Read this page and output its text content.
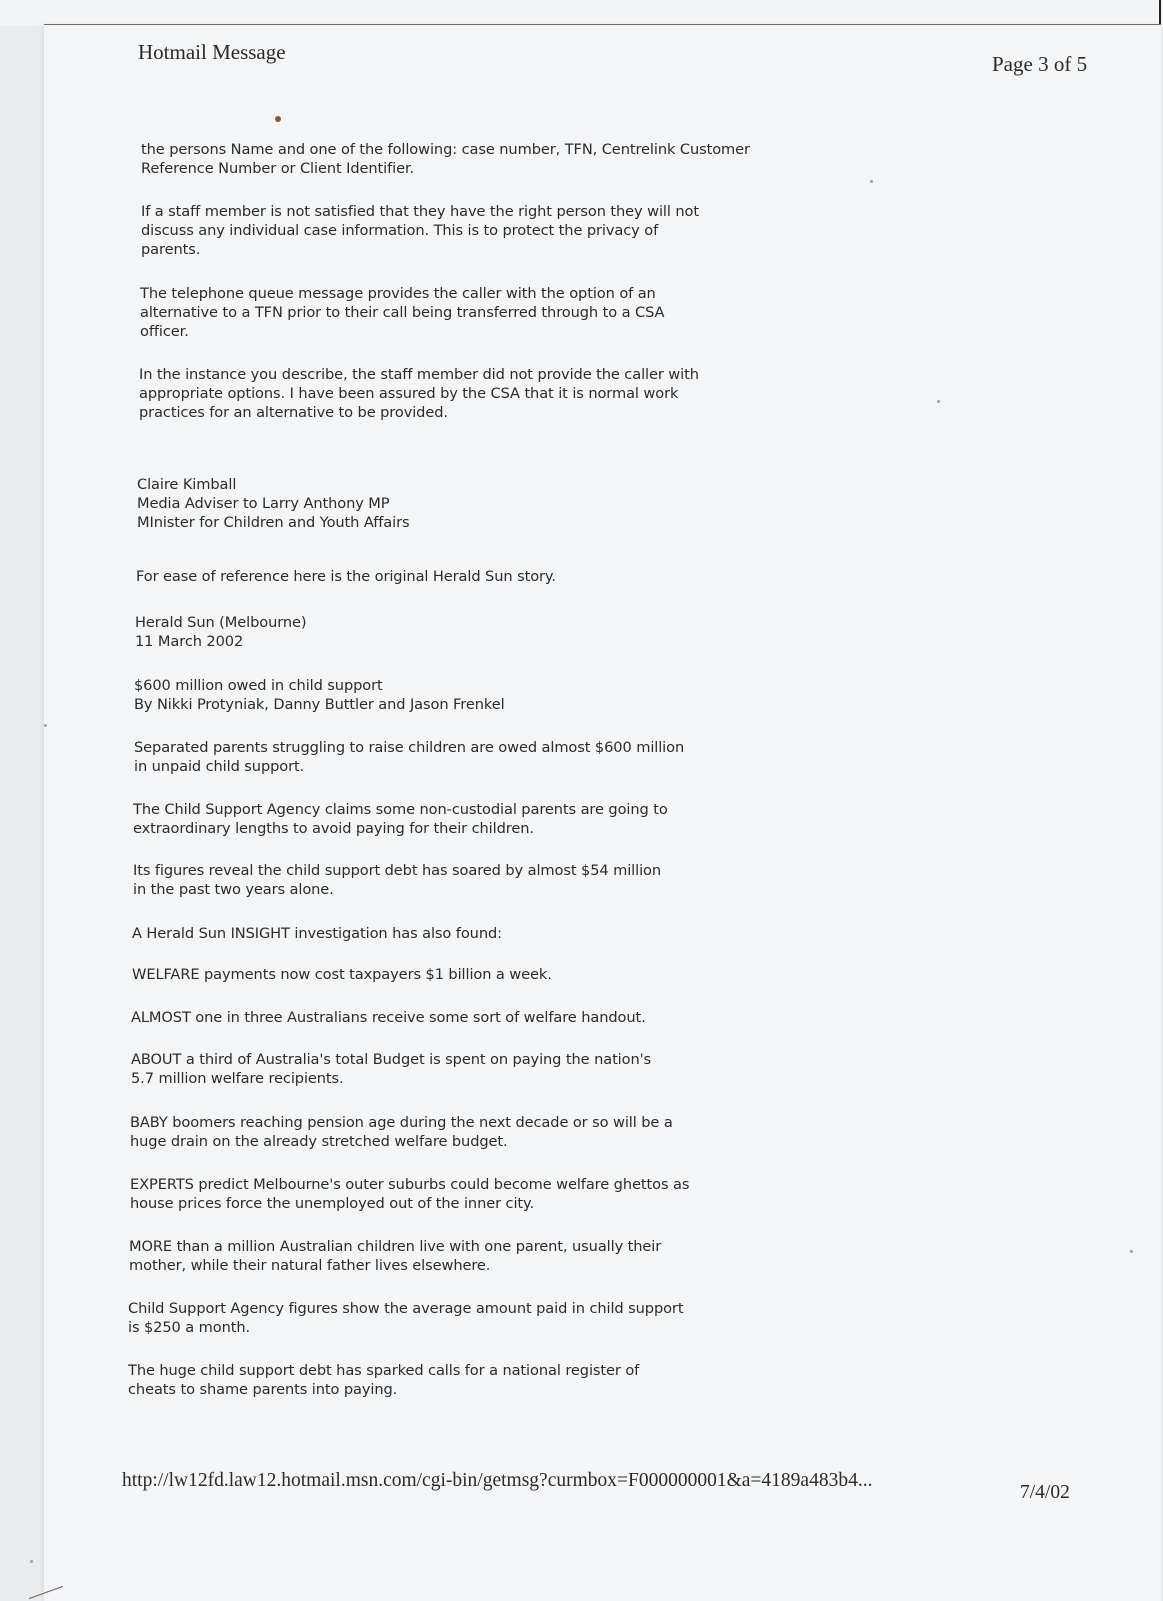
Hotmail Message	Page 3 of 5

the persons Name and one of the following: case number, TFN, Centrelink Customer
Reference Number or Client Identifier.

If a staff member is not satisfied that they have the right person they will not
discuss any individual case information. This is to protect the privacy of
parents.

The telephone queue message provides the caller with the option of an
alternative to a TFN prior to their call being transferred through to a CSA
officer.

In the instance you describe, the staff member did not provide the caller with
appropriate options. I have been assured by the CSA that it is normal work
practices for an alternative to be provided.

Claire Kimball
Media Adviser to Larry Anthony MP
MInister for Children and Youth Affairs

For ease of reference here is the original Herald Sun story.

Herald Sun (Melbourne)
11 March 2002

$600 million owed in child support
By Nikki Protyniak, Danny Buttler and Jason Frenkel

Separated parents struggling to raise children are owed almost $600 million
in unpaid child support.

The Child Support Agency claims some non-custodial parents are going to
extraordinary lengths to avoid paying for their children.

Its figures reveal the child support debt has soared by almost $54 million
in the past two years alone.

A Herald Sun INSIGHT investigation has also found:

WELFARE payments now cost taxpayers $1 billion a week.

ALMOST one in three Australians receive some sort of welfare handout.

ABOUT a third of Australia's total Budget is spent on paying the nation's
5.7 million welfare recipients.

BABY boomers reaching pension age during the next decade or so will be a
huge drain on the already stretched welfare budget.

EXPERTS predict Melbourne's outer suburbs could become welfare ghettos as
house prices force the unemployed out of the inner city.

MORE than a million Australian children live with one parent, usually their
mother, while their natural father lives elsewhere.

Child Support Agency figures show the average amount paid in child support
is $250 a month.

The huge child support debt has sparked calls for a national register of
cheats to shame parents into paying.

http://lw12fd.law12.hotmail.msn.com/cgi-bin/getmsg?curmbox=F000000001&a=4189a483b4...
7/4/02
